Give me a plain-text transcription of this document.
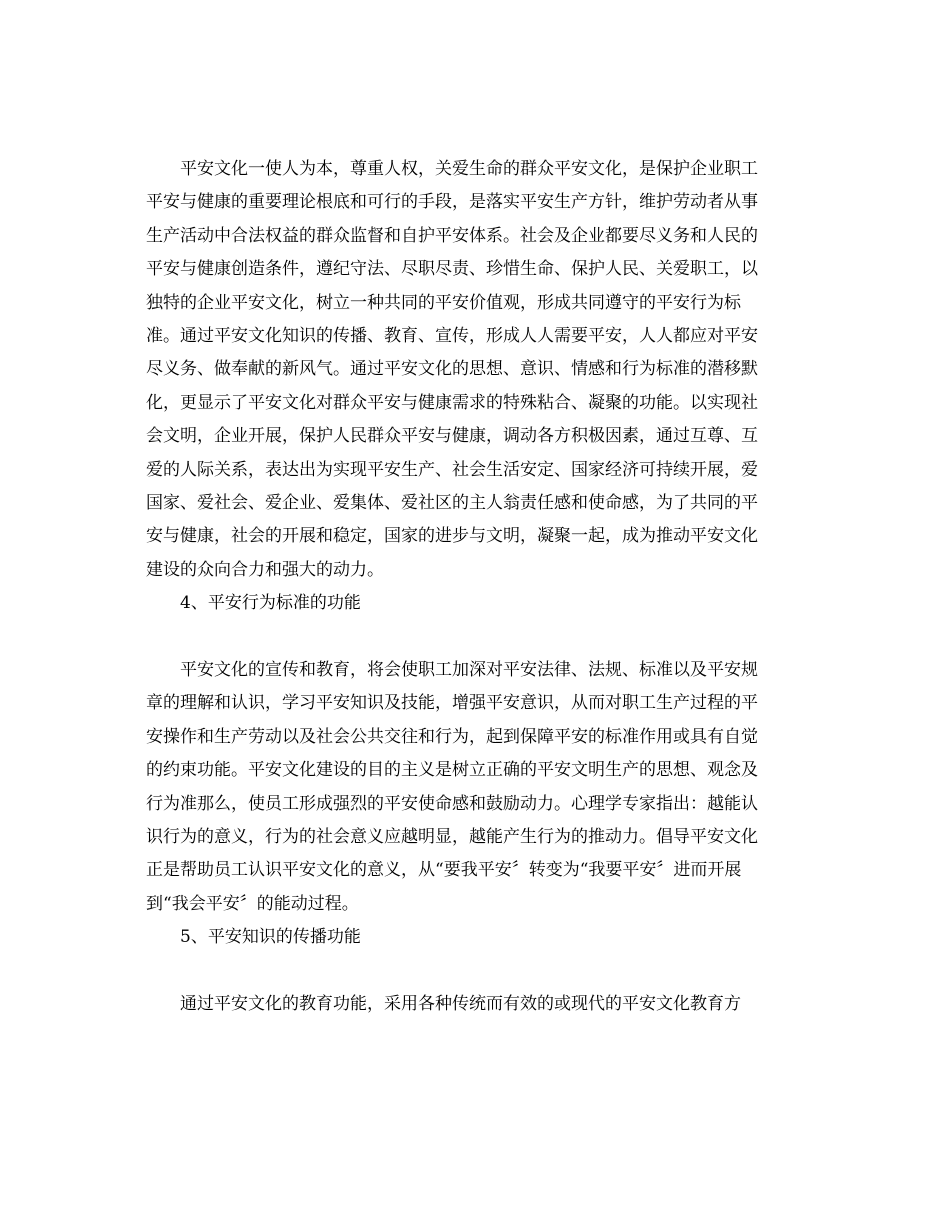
　　平安文化一使人为本，尊重人权，关爱生命的群众平安文化，是保护企业职工
平安与健康的重要理论根底和可行的手段，是落实平安生产方针，维护劳动者从事
生产活动中合法权益的群众监督和自护平安体系。社会及企业都要尽义务和人民的
平安与健康创造条件，遵纪守法、尽职尽责、珍惜生命、保护人民、关爱职工，以
独特的企业平安文化，树立一种共同的平安价值观，形成共同遵守的平安行为标
准。通过平安文化知识的传播、教育、宣传，形成人人需要平安，人人都应对平安
尽义务、做奉献的新风气。通过平安文化的思想、意识、情感和行为标准的潜移默
化，更显示了平安文化对群众平安与健康需求的特殊粘合、凝聚的功能。以实现社
会文明，企业开展，保护人民群众平安与健康，调动各方积极因素，通过互尊、互
爱的人际关系，表达出为实现平安生产、社会生活安定、国家经济可持续开展，爱
国家、爱社会、爱企业、爱集体、爱社区的主人翁责任感和使命感，为了共同的平
安与健康，社会的开展和稳定，国家的进步与文明，凝聚一起，成为推动平安文化
建设的众向合力和强大的动力。
　　4、平安行为标准的功能
　　平安文化的宣传和教育，将会使职工加深对平安法律、法规、标准以及平安规
章的理解和认识，学习平安知识及技能，增强平安意识，从而对职工生产过程的平
安操作和生产劳动以及社会公共交往和行为，起到保障平安的标准作用或具有自觉
的约束功能。平安文化建设的目的主义是树立正确的平安文明生产的思想、观念及
行为准那么，使员工形成强烈的平安使命感和鼓励动力。心理学专家指出：越能认
识行为的意义，行为的社会意义应越明显，越能产生行为的推动力。倡导平安文化
正是帮助员工认识平安文化的意义，从“要我平安〞转变为“我要平安〞进而开展
到“我会平安〞的能动过程。
　　5、平安知识的传播功能
　　通过平安文化的教育功能，采用各种传统而有效的或现代的平安文化教育方
